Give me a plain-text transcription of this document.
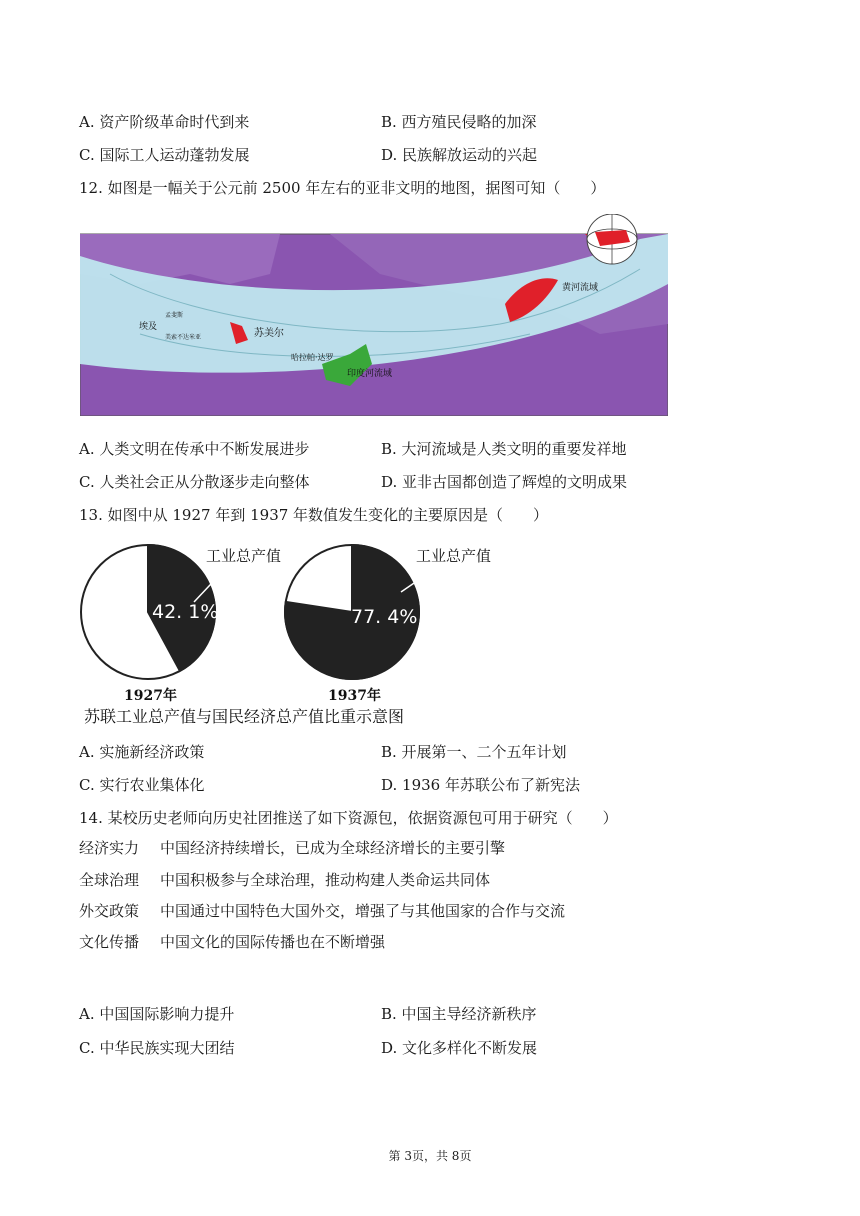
A. 资产阶级革命时代到来	B. 西方殖民侵略的加深
C. 国际工人运动蓬勃发展	D. 民族解放运动的兴起
12. 如图是一幅关于公元前 2500 年左右的亚非文明的地图，据图可知（　　）
埃及
孟斐斯
美索不达米亚	苏美尔
哈拉帕·达罗
印度河流域
黄河流域
A. 人类文明在传承中不断发展进步	B. 大河流域是人类文明的重要发祥地
C. 人类社会正从分散逐步走向整体	D. 亚非古国都创造了辉煌的文明成果
13. 如图中从 1927 年到 1937 年数值发生变化的主要原因是（　　）
工业总产值	工业总产值
42. 1%	77. 4%
1927年	1937年
苏联工业总产值与国民经济总产值比重示意图
A. 实施新经济政策	B. 开展第一、二个五年计划
C. 实行农业集体化	D. 1936 年苏联公布了新宪法
14. 某校历史老师向历史社团推送了如下资源包，依据资源包可用于研究（　　）
经济实力 中国经济持续增长，已成为全球经济增长的主要引擎
全球治理 中国积极参与全球治理，推动构建人类命运共同体
外交政策 中国通过中国特色大国外交，增强了与其他国家的合作与交流
文化传播 中国文化的国际传播也在不断增强
A. 中国国际影响力提升	B. 中国主导经济新秩序
C. 中华民族实现大团结	D. 文化多样化不断发展
第 3页，共 8页
